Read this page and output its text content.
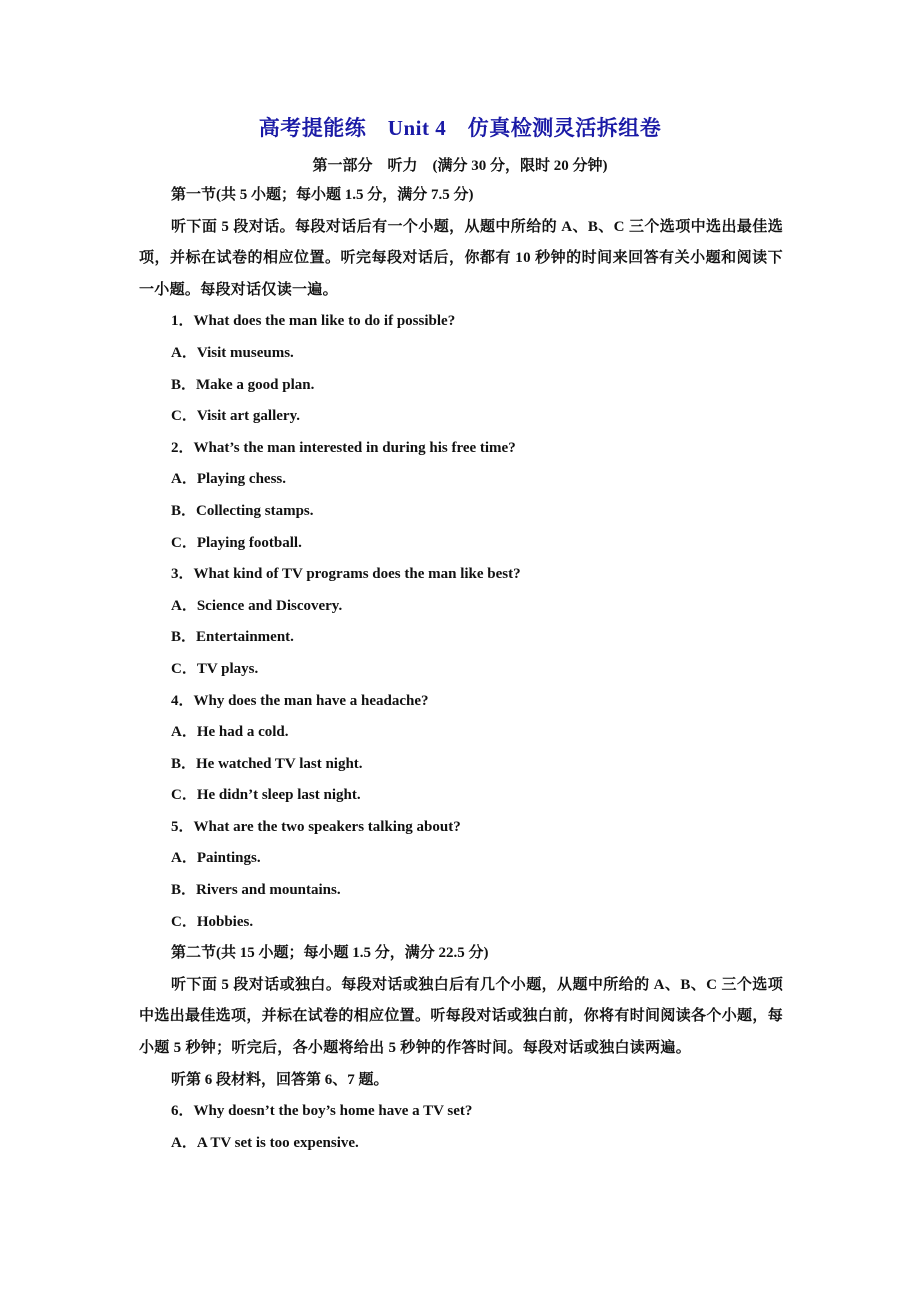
高考提能练　Unit 4　仿真检测灵活拆组卷
第一部分　听力　(满分 30 分，限时 20 分钟)
第一节(共 5 小题；每小题 1.5 分，满分 7.5 分)
听下面 5 段对话。每段对话后有一个小题，从题中所给的 A、B、C 三个选项中选出最佳选项，并标在试卷的相应位置。听完每段对话后，你都有 10 秒钟的时间来回答有关小题和阅读下一小题。每段对话仅读一遍。
1．What does the man like to do if possible?
A．Visit museums.
B．Make a good plan.
C．Visit art gallery.
2．What’s the man interested in during his free time?
A．Playing chess.
B．Collecting stamps.
C．Playing football.
3．What kind of TV programs does the man like best?
A．Science and Discovery.
B．Entertainment.
C．TV plays.
4．Why does the man have a headache?
A．He had a cold.
B．He watched TV last night.
C．He didn’t sleep last night.
5．What are the two speakers talking about?
A．Paintings.
B．Rivers and mountains.
C．Hobbies.
第二节(共 15 小题；每小题 1.5 分，满分 22.5 分)
听下面 5 段对话或独白。每段对话或独白后有几个小题，从题中所给的 A、B、C 三个选项中选出最佳选项，并标在试卷的相应位置。听每段对话或独白前，你将有时间阅读各个小题，每小题 5 秒钟；听完后，各小题将给出 5 秒钟的作答时间。每段对话或独白读两遍。
听第 6 段材料，回答第 6、7 题。
6．Why doesn’t the boy’s home have a TV set?
A．A TV set is too expensive.
